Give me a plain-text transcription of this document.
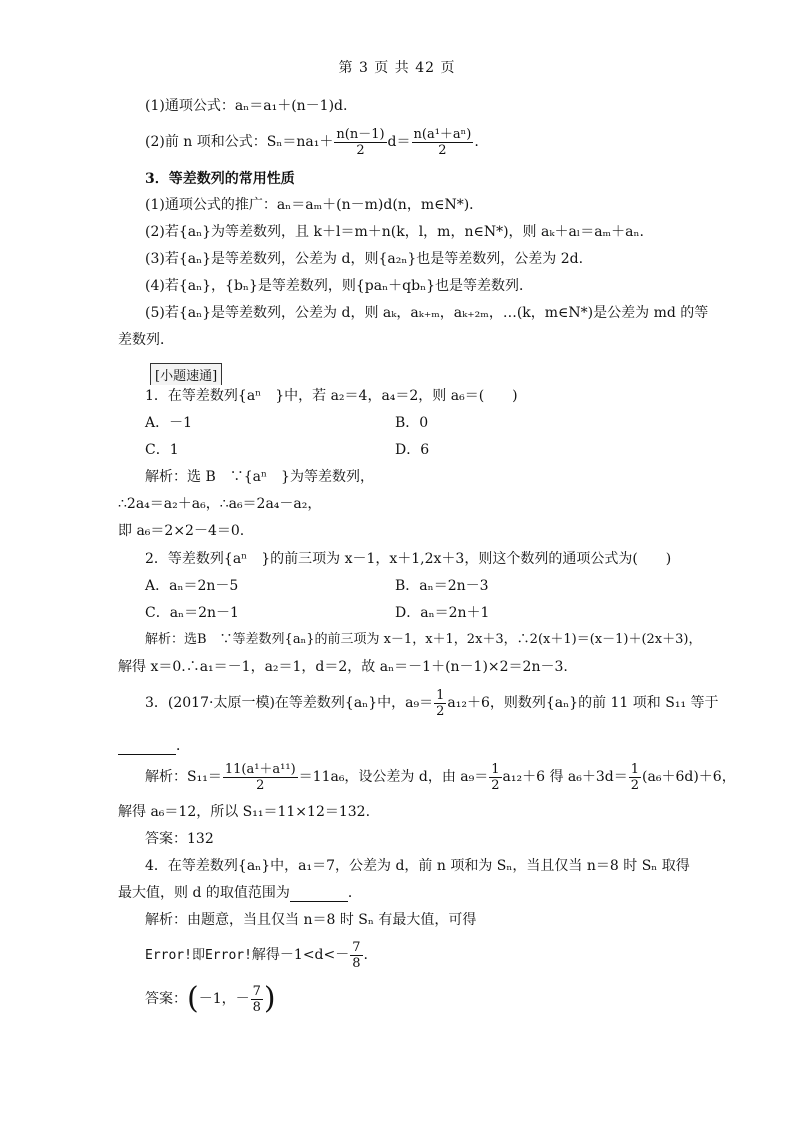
第 3 页 共 42 页
(1)通项公式：aₙ＝a₁＋(n－1)d.
(2)前 n 项和公式：$S_n=na_1+ \frac{n(n-1)}{2} d= \frac{\text{n(a¹＋aⁿ)}}{2}$ .
3．等差数列的常用性质
(1)通项公式的推广：aₙ＝aₘ＋(n－m)d(n，m∈N*)．
(2)若{aₙ}为等差数列，且 k＋l＝m＋n(k，l，m，n∈N*)，则 aₖ＋aₗ＝aₘ＋aₙ.
(3)若{aₙ}是等差数列，公差为 d，则{a₂ₙ}也是等差数列，公差为 2d.
(4)若{aₙ}，{bₙ}是等差数列，则{paₙ＋qbₙ}也是等差数列．
(5)若{aₙ}是等差数列，公差为 d，则 aₖ，aₖ₊ₘ，aₖ₊₂ₘ，…(k，m∈N*)是公差为 md 的等
差数列．
[小题速通]
1．在等差数列{aⁿ　}中，若 a₂＝4，a₄＝2，则 a₆＝(　　)
A．－1	B．0
C．1	D．6
解析：选 B　∵{aⁿ　}为等差数列，
∴2a₄＝a₂＋a₆，∴a₆＝2a₄－a₂，
即 a₆＝2×2－4＝0.
2．等差数列{aⁿ　}的前三项为 x－1，x＋1,2x＋3，则这个数列的通项公式为(　　)
A．aₙ＝2n－5	B．aₙ＝2n－3
C．aₙ＝2n－1	D．aₙ＝2n＋1
解析：选B　∵等差数列{aₙ}的前三项为 x－1，x＋1，2x＋3，∴2(x＋1)＝(x－1)＋(2x＋3)，
解得 x＝0.∴a₁＝－1，a₂＝1，d＝2，故 aₙ＝－1＋(n－1)×2＝2n－3.
3．(2017·太原一模)在等差数列{aₙ}中，$a_9= \frac{1}{2} a_{12}+6$，则数列{aₙ}的前 11 项和 S₁₁ 等于
．
解析：$S_{11}= \frac{\text{11(a¹＋a¹¹)}}{2} =11a_6$，设公差为 d，由 $a_9= \frac{1}{2} a_{12}+6$ 得 $a_6+3d= \frac{1}{2} (a_6+6d)+6$，
解得 a₆＝12，所以 S₁₁＝11×12＝132.
答案：132
4．在等差数列{aₙ}中，a₁＝7，公差为 d，前 n 项和为 Sₙ，当且仅当 n＝8 时 Sₙ 取得
最大值，则 d 的取值范围为	．
解析：由题意，当且仅当 n＝8 时 Sₙ 有最大值，可得
Error!即Error!解得$-1<d<- \frac{7}{8}$ .
答案：(－1，－ $\frac{7}{8}$ )
